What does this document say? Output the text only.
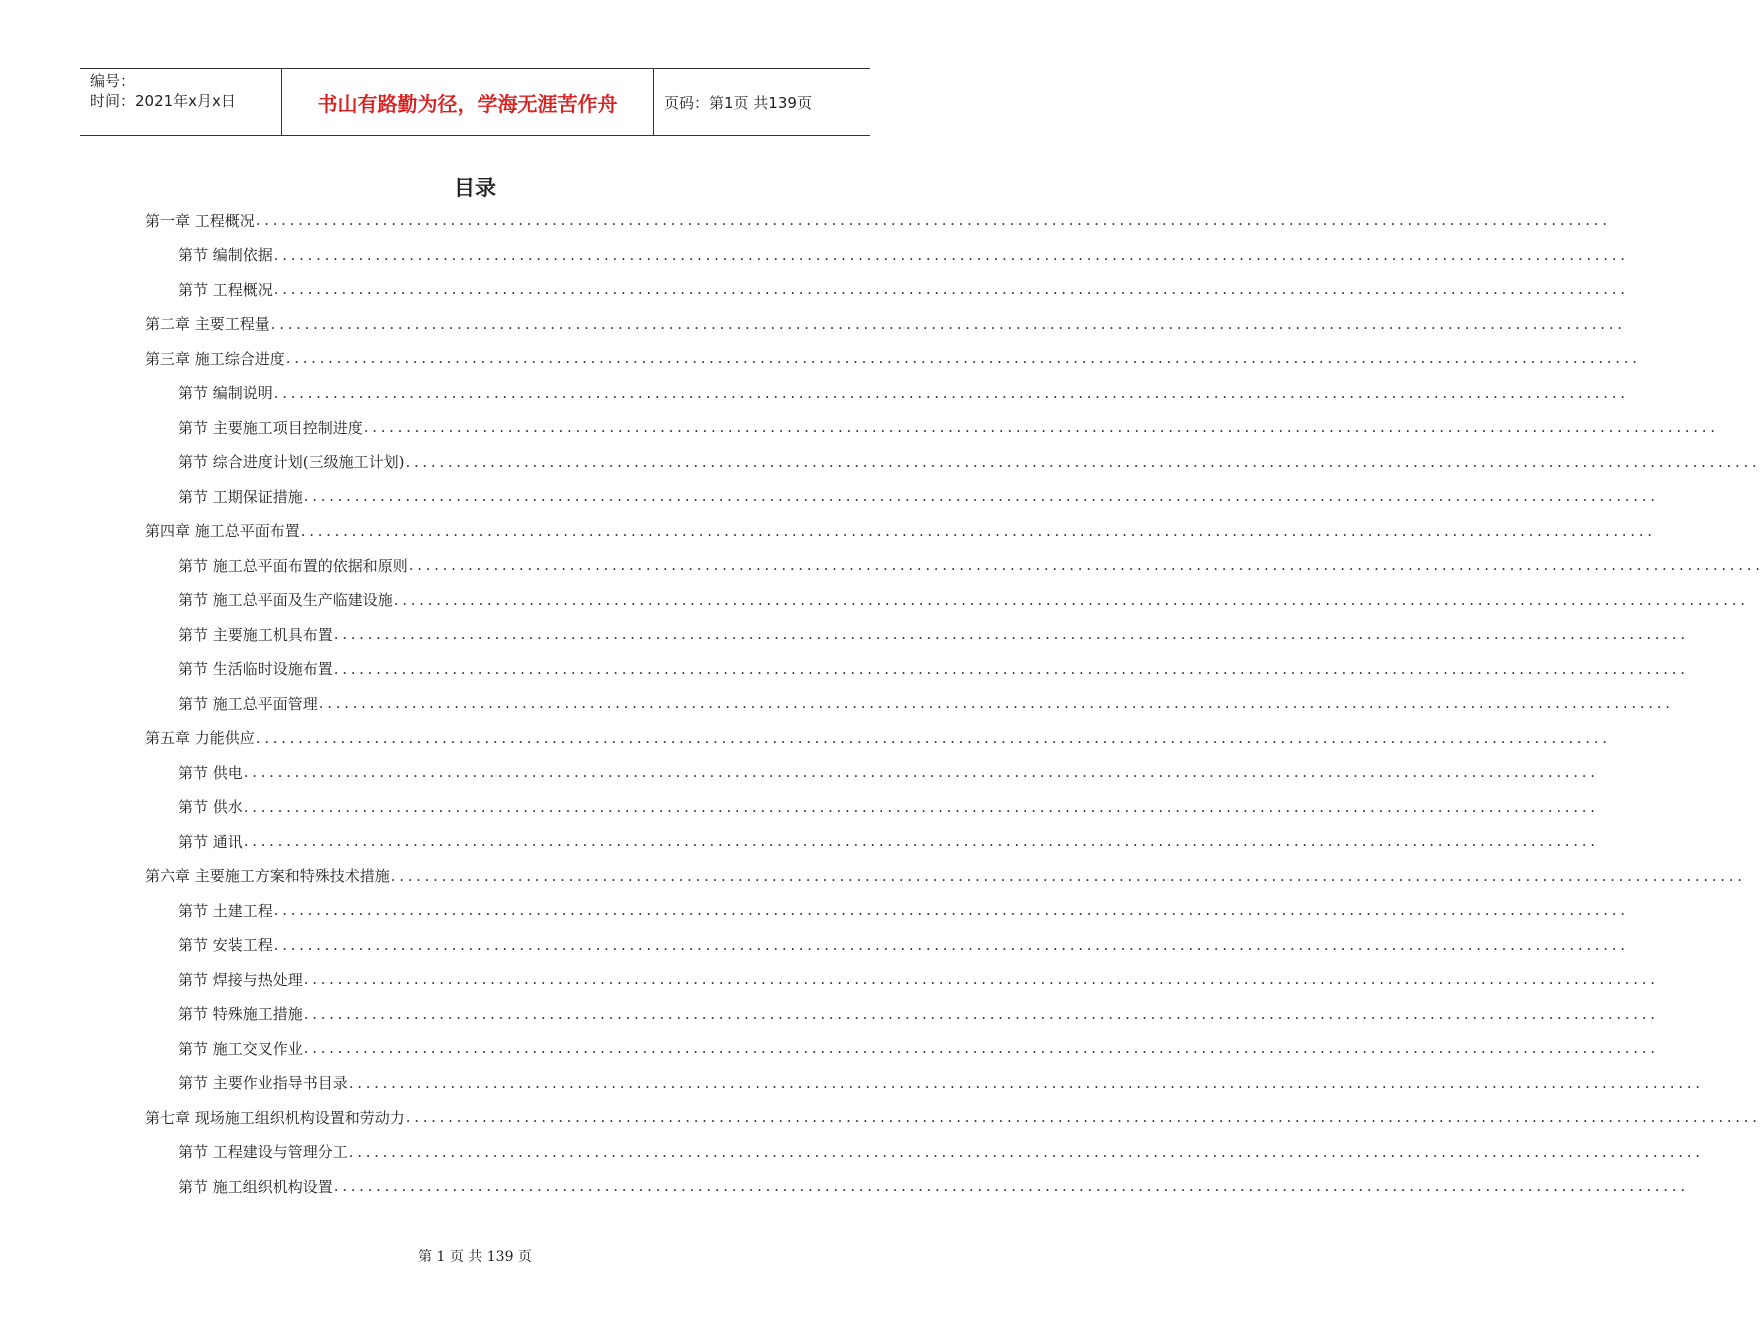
编号：
时间：2021年x月x日	书山有路勤为径，学海无涯苦作舟	页码：第1页 共139页
目录
第一章 工程概况 ................................................................................................................................................................
第节 编制依据 ................................................................................................................................................................
第节 工程概况 ................................................................................................................................................................
第二章 主要工程量 ................................................................................................................................................................
第三章 施工综合进度 ................................................................................................................................................................
第节 编制说明 ................................................................................................................................................................
第节 主要施工项目控制进度 ................................................................................................................................................................
第节 综合进度计划(三级施工计划) ................................................................................................................................................................
第节 工期保证措施 ................................................................................................................................................................
第四章 施工总平面布置 ................................................................................................................................................................
第节 施工总平面布置的依据和原则 ................................................................................................................................................................
第节 施工总平面及生产临建设施 ................................................................................................................................................................
第节 主要施工机具布置 ................................................................................................................................................................
第节 生活临时设施布置 ................................................................................................................................................................
第节 施工总平面管理 ................................................................................................................................................................
第五章 力能供应 ................................................................................................................................................................
第节 供电 ................................................................................................................................................................
第节 供水 ................................................................................................................................................................
第节 通讯 ................................................................................................................................................................
第六章 主要施工方案和特殊技术措施 ................................................................................................................................................................
第节 土建工程 ................................................................................................................................................................
第节 安装工程 ................................................................................................................................................................
第节 焊接与热处理 ................................................................................................................................................................
第节 特殊施工措施 ................................................................................................................................................................
第节 施工交叉作业 ................................................................................................................................................................
第节 主要作业指导书目录 ................................................................................................................................................................
第七章 现场施工组织机构设置和劳动力 ................................................................................................................................................................
第节 工程建设与管理分工 ................................................................................................................................................................
第节 施工组织机构设置 ................................................................................................................................................................
第 1 页 共 139 页
